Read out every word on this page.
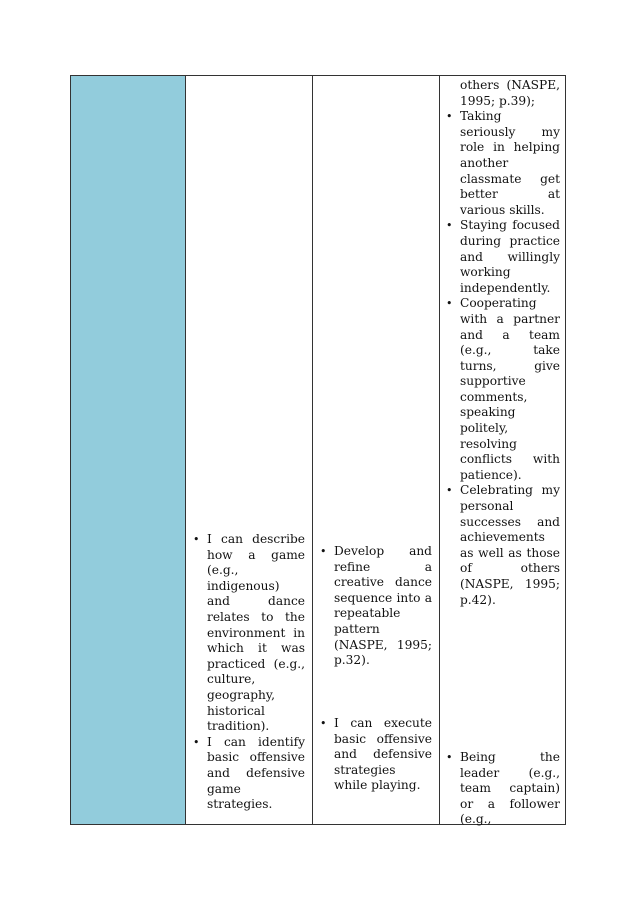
• I can describe how a game (e.g., indigenous) and dance relates to the environment in which it was practiced (e.g., culture, geography, historical tradition).
• I can identify basic offensive and defensive game strategies.
• Develop and refine a creative dance sequence into a repeatable pattern (NASPE, 1995; p.32).
• I can execute basic offensive and defensive strategies while playing.
others (NASPE, 1995; p.39);
• Taking seriously my role in helping another classmate get better at various skills.
• Staying focused during practice and willingly working independently.
• Cooperating with a partner and a team (e.g., take turns, give supportive comments, speaking politely, resolving conflicts with patience).
• Celebrating my personal successes and achievements as well as those of others (NASPE, 1995; p.42).
• Being the leader (e.g., team captain) or a follower (e.g.,
